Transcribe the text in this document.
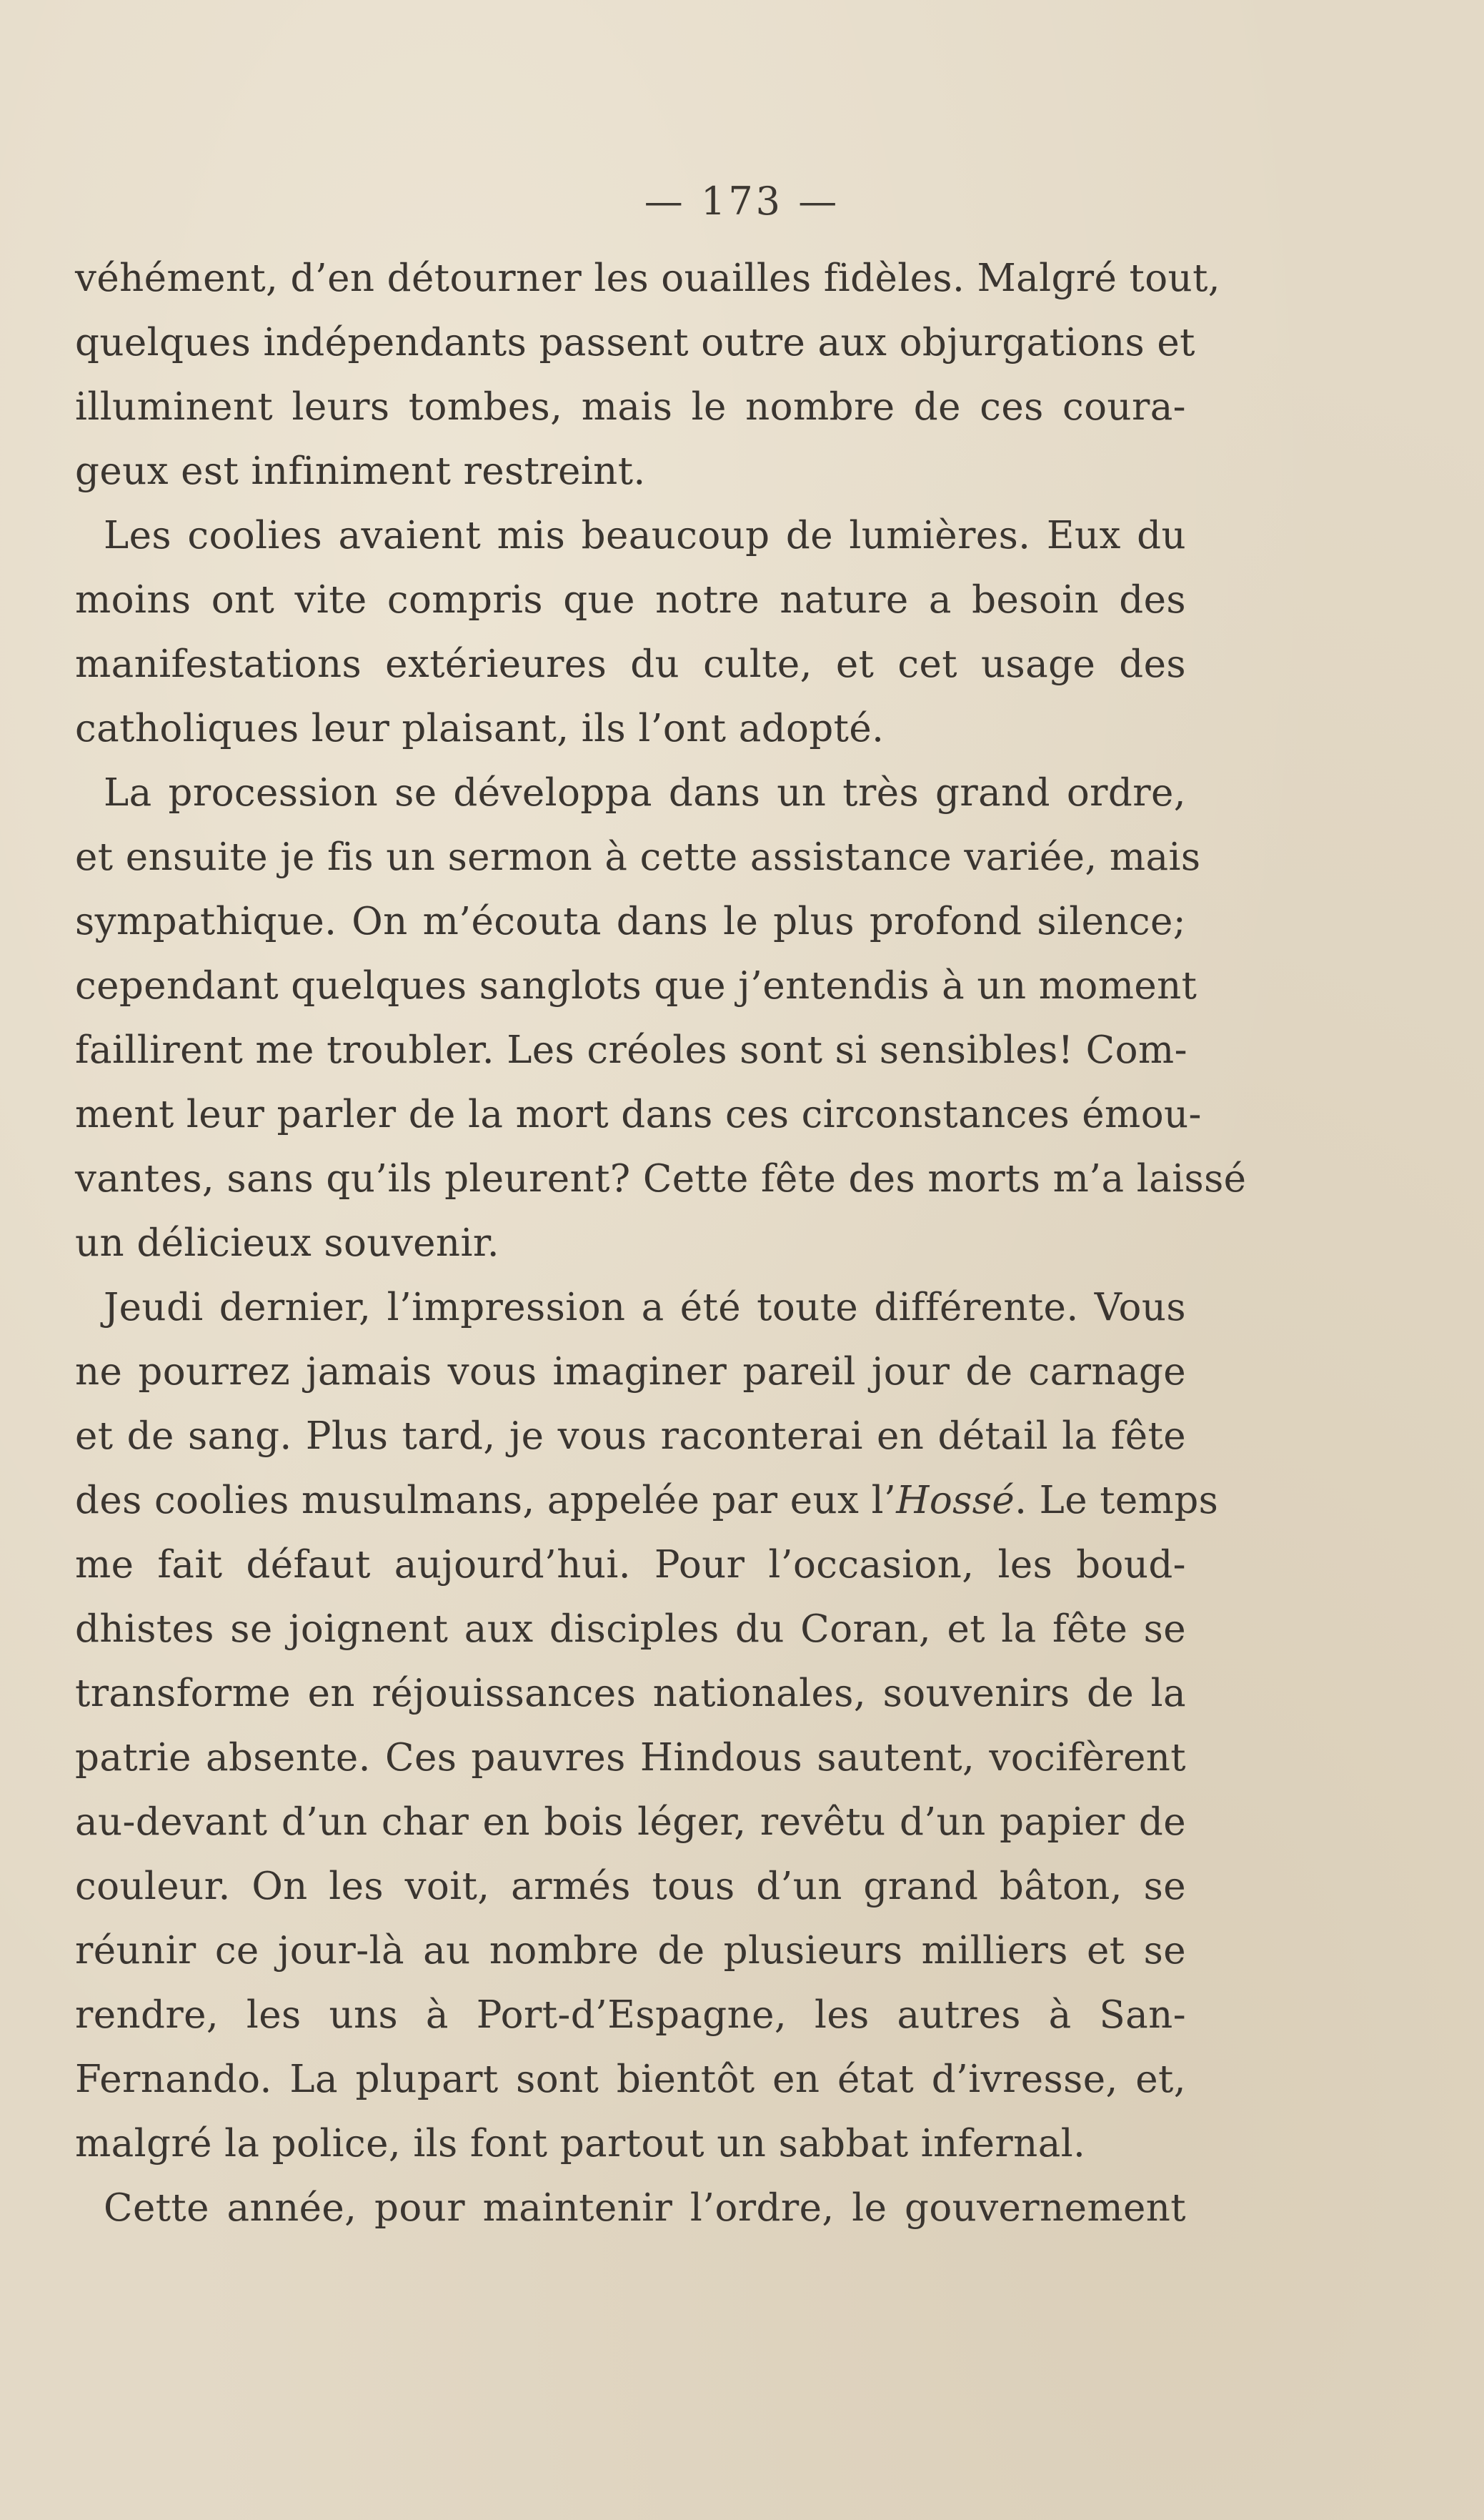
— 173 —
véhément, d’en détourner les ouailles fidèles. Malgré tout,
quelques indépendants passent outre aux objurgations et
illuminent leurs tombes, mais le nombre de ces coura-
geux est infiniment restreint.
Les coolies avaient mis beaucoup de lumières. Eux du
moins ont vite compris que notre nature a besoin des
manifestations extérieures du culte, et cet usage des
catholiques leur plaisant, ils l’ont adopté.
La procession se développa dans un très grand ordre,
et ensuite je fis un sermon à cette assistance variée, mais
sympathique. On m’écouta dans le plus profond silence;
cependant quelques sanglots que j’entendis à un moment
faillirent me troubler. Les créoles sont si sensibles! Com-
ment leur parler de la mort dans ces circonstances émou-
vantes, sans qu’ils pleurent? Cette fête des morts m’a laissé
un délicieux souvenir.
Jeudi dernier, l’impression a été toute différente. Vous
ne pourrez jamais vous imaginer pareil jour de carnage
et de sang. Plus tard, je vous raconterai en détail la fête
des coolies musulmans, appelée par eux l’Hossé. Le temps
me fait défaut aujourd’hui. Pour l’occasion, les boud-
dhistes se joignent aux disciples du Coran, et la fête se
transforme en réjouissances nationales, souvenirs de la
patrie absente. Ces pauvres Hindous sautent, vocifèrent
au-devant d’un char en bois léger, revêtu d’un papier de
couleur. On les voit, armés tous d’un grand bâton, se
réunir ce jour-là au nombre de plusieurs milliers et se
rendre, les uns à Port-d’Espagne, les autres à San-
Fernando. La plupart sont bientôt en état d’ivresse, et,
malgré la police, ils font partout un sabbat infernal.
Cette année, pour maintenir l’ordre, le gouvernement
